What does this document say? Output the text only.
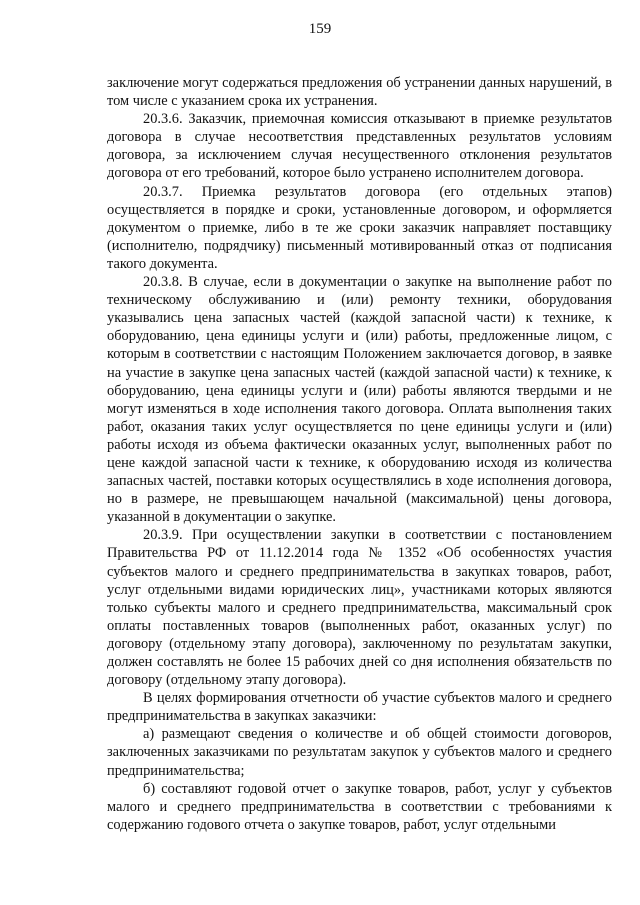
159

заключение могут содержаться предложения об устранении данных нарушений, в том числе с указанием срока их устранения.

20.3.6. Заказчик, приемочная комиссия отказывают в приемке результатов договора в случае несоответствия представленных результатов условиям договора, за исключением случая несущественного отклонения результатов договора от его требований, которое было устранено исполнителем договора.

20.3.7. Приемка результатов договора (его отдельных этапов) осуществляется в порядке и сроки, установленные договором, и оформляется документом о приемке, либо в те же сроки заказчик направляет поставщику (исполнителю, подрядчику) письменный мотивированный отказ от подписания такого документа.

20.3.8. В случае, если в документации о закупке на выполнение работ по техническому обслуживанию и (или) ремонту техники, оборудования указывались цена запасных частей (каждой запасной части) к технике, к оборудованию, цена единицы услуги и (или) работы, предложенные лицом, с которым в соответствии с настоящим Положением заключается договор, в заявке на участие в закупке цена запасных частей (каждой запасной части) к технике, к оборудованию, цена единицы услуги и (или) работы являются твердыми и не могут изменяться в ходе исполнения такого договора. Оплата выполнения таких работ, оказания таких услуг осуществляется по цене единицы услуги и (или) работы исходя из объема фактически оказанных услуг, выполненных работ по цене каждой запасной части к технике, к оборудованию исходя из количества запасных частей, поставки которых осуществлялись в ходе исполнения договора, но в размере, не превышающем начальной (максимальной) цены договора, указанной в документации о закупке.

20.3.9. При осуществлении закупки в соответствии с постановлением Правительства РФ от 11.12.2014 года № 1352 «Об особенностях участия субъектов малого и среднего предпринимательства в закупках товаров, работ, услуг отдельными видами юридических лиц», участниками которых являются только субъекты малого и среднего предпринимательства, максимальный срок оплаты поставленных товаров (выполненных работ, оказанных услуг) по договору (отдельному этапу договора), заключенному по результатам закупки, должен составлять не более 15 рабочих дней со дня исполнения обязательств по договору (отдельному этапу договора).

В целях формирования отчетности об участие субъектов малого и среднего предпринимательства в закупках заказчики:

а) размещают сведения о количестве и об общей стоимости договоров, заключенных заказчиками по результатам закупок у субъектов малого и среднего предпринимательства;

б) составляют годовой отчет о закупке товаров, работ, услуг у субъектов малого и среднего предпринимательства в соответствии с требованиями к содержанию годового отчета о закупке товаров, работ, услуг отдельными
